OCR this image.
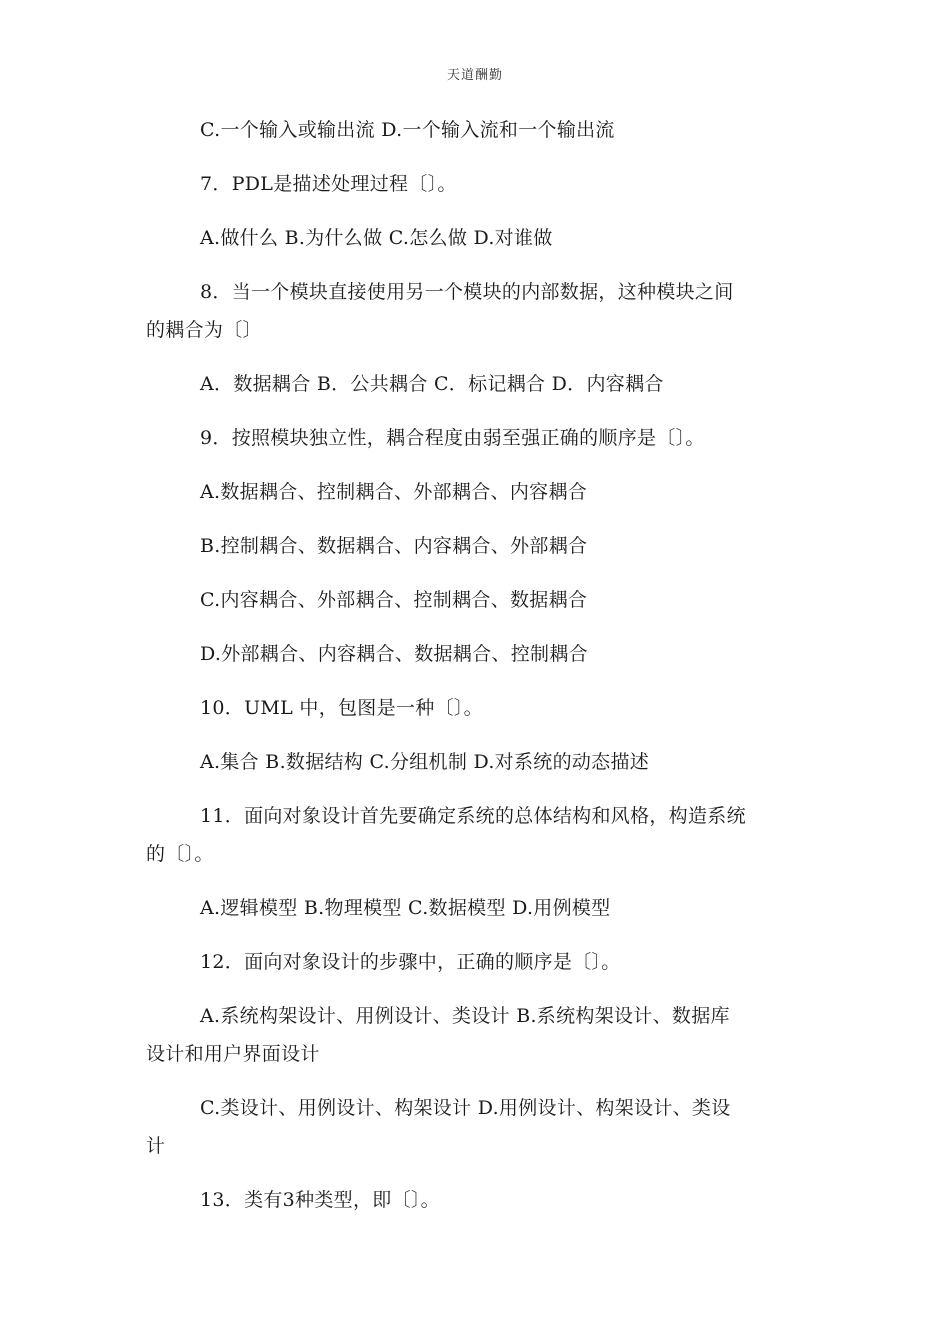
天道酬勤
C.一个输入或输出流 D.一个输入流和一个输出流
7．PDL是描述处理过程〔〕。
A.做什么 B.为什么做 C.怎么做 D.对谁做
8．当一个模块直接使用另一个模块的内部数据，这种模块之间
的耦合为〔〕
A．数据耦合 B．公共耦合 C．标记耦合 D．内容耦合
9．按照模块独立性，耦合程度由弱至强正确的顺序是〔〕。
A.数据耦合、控制耦合、外部耦合、内容耦合
B.控制耦合、数据耦合、内容耦合、外部耦合
C.内容耦合、外部耦合、控制耦合、数据耦合
D.外部耦合、内容耦合、数据耦合、控制耦合
10．UML 中，包图是一种〔〕。
A.集合 B.数据结构 C.分组机制 D.对系统的动态描述
11．面向对象设计首先要确定系统的总体结构和风格，构造系统
的〔〕。
A.逻辑模型 B.物理模型 C.数据模型 D.用例模型
12．面向对象设计的步骤中，正确的顺序是〔〕。
A.系统构架设计、用例设计、类设计 B.系统构架设计、数据库
设计和用户界面设计
C.类设计、用例设计、构架设计 D.用例设计、构架设计、类设
计
13．类有3种类型，即〔〕。
